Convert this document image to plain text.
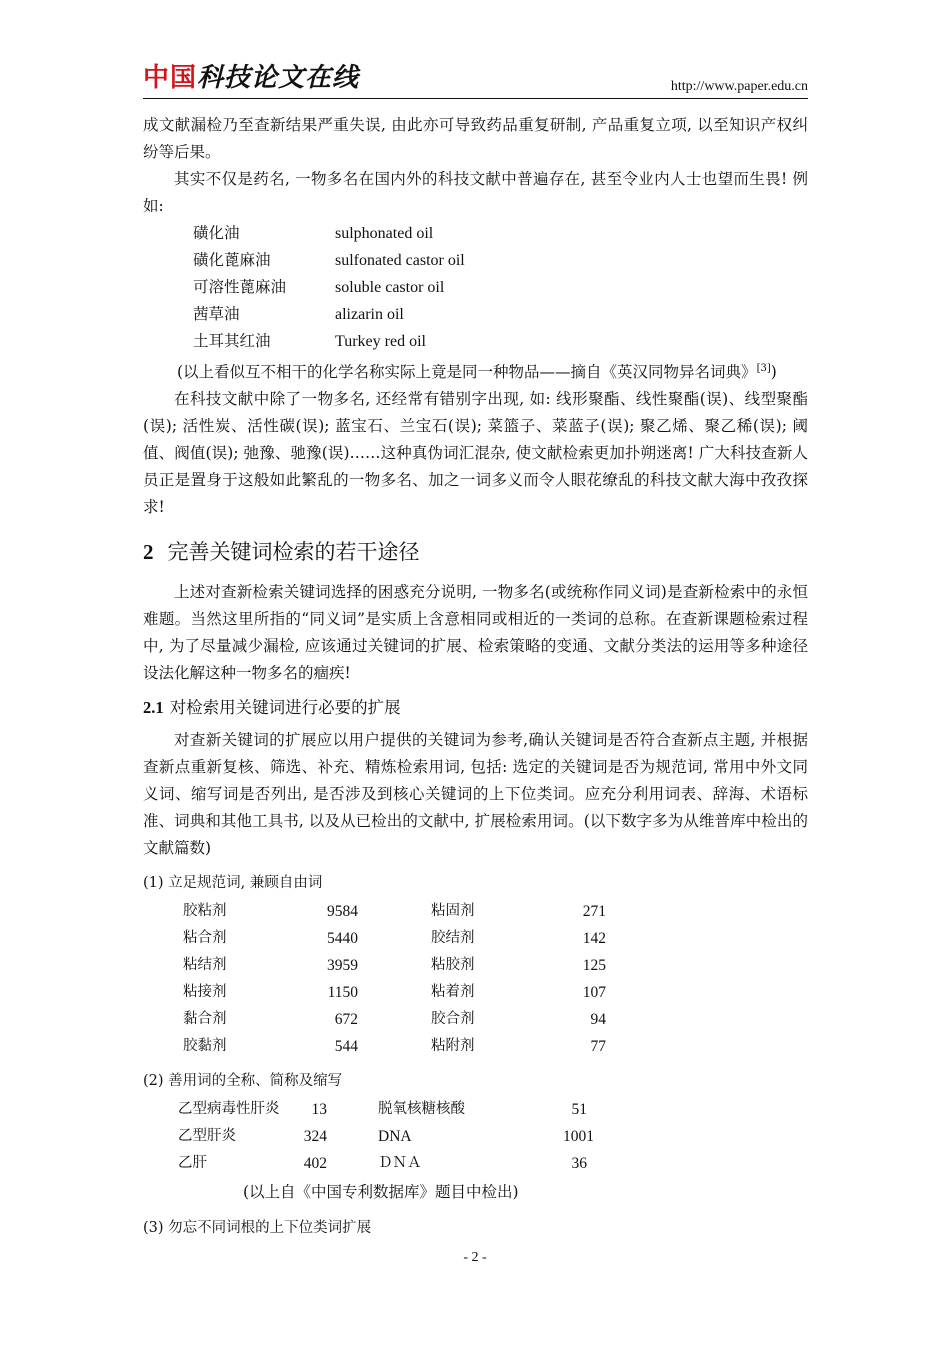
中国科技论文在线	http://www.paper.edu.cn

成文献漏检乃至查新结果严重失误, 由此亦可导致药品重复研制, 产品重复立项, 以至知识产权纠纷等后果。

其实不仅是药名, 一物多名在国内外的科技文献中普遍存在, 甚至令业内人士也望而生畏! 例如:

磺化油	sulphonated oil
磺化蓖麻油	sulfonated castor oil
可溶性蓖麻油	soluble castor oil
茜草油	alizarin oil
土耳其红油	Turkey red oil

(以上看似互不相干的化学名称实际上竟是同一种物品——摘自《英汉同物异名词典》[3])

在科技文献中除了一物多名, 还经常有错别字出现, 如: 线形聚酯、线性聚酯(误)、线型聚酯(误); 活性炭、活性碳(误); 蓝宝石、兰宝石(误); 菜篮子、菜蓝子(误); 聚乙烯、聚乙稀(误); 阈值、阀值(误); 弛豫、驰豫(误)……这种真伪词汇混杂, 使文献检索更加扑朔迷离! 广大科技查新人员正是置身于这般如此繁乱的一物多名、加之一词多义而令人眼花缭乱的科技文献大海中孜孜探求!

2 完善关键词检索的若干途径

上述对查新检索关键词选择的困惑充分说明, 一物多名(或统称作同义词)是查新检索中的永恒难题。当然这里所指的“同义词”是实质上含意相同或相近的一类词的总称。在查新课题检索过程中, 为了尽量减少漏检, 应该通过关键词的扩展、检索策略的变通、文献分类法的运用等多种途径设法化解这种一物多名的痼疾!

2.1 对检索用关键词进行必要的扩展

对查新关键词的扩展应以用户提供的关键词为参考,确认关键词是否符合查新点主题, 并根据查新点重新复核、筛选、补充、精炼检索用词, 包括: 选定的关键词是否为规范词, 常用中外文同义词、缩写词是否列出, 是否涉及到核心关键词的上下位类词。应充分利用词表、辞海、术语标准、词典和其他工具书, 以及从已检出的文献中, 扩展检索用词。(以下数字多为从维普库中检出的文献篇数)

(1) 立足规范词, 兼顾自由词
胶粘剂	9584	粘固剂	271
粘合剂	5440	胶结剂	142
粘结剂	3959	粘胶剂	125
粘接剂	1150	粘着剂	107
黏合剂	672	胶合剂	94
胶黏剂	544	粘附剂	77
(2) 善用词的全称、简称及缩写
乙型病毒性肝炎	13	脱氧核糖核酸	51
乙型肝炎	324	DNA	1001
乙肝	402	ＤＮＡ	36
(以上自《中国专利数据库》题目中检出)
(3) 勿忘不同词根的上下位类词扩展
- 2 -
